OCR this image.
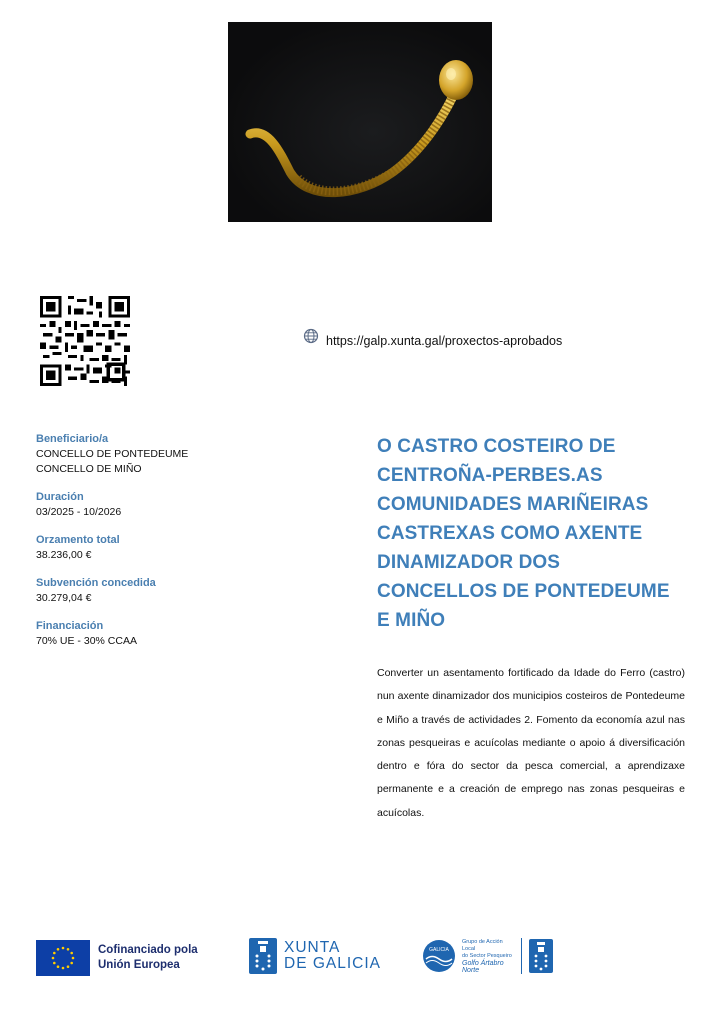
https://galp.xunta.gal/proxectos-aprobados
Beneficiario/a
CONCELLO DE PONTEDEUME
CONCELLO DE MIÑO
Duración
03/2025 - 10/2026
Orzamento total
38.236,00 €
Subvención concedida
30.279,04 €
Financiación
70% UE - 30% CCAA
O CASTRO COSTEIRO DE
CENTROÑA-PERBES.AS
COMUNIDADES MARIÑEIRAS
CASTREXAS COMO AXENTE
DINAMIZADOR DOS
CONCELLOS DE PONTEDEUME
E MIÑO
Converter un asentamento fortificado da Idade do Ferro (castro) nun axente dinamizador dos municipios costeiros de Pontedeume e Miño a través de actividades 2. Fomento da economía azul nas zonas pesqueiras e acuícolas mediante o apoio á diversificación dentro e fóra do sector da pesca comercial, a aprendizaxe permanente e a creación de emprego nas zonas pesqueiras e acuícolas.
Cofinanciado pola
Unión Europea
XUNTA
DE GALICIA
GALICIA
Grupo de Acción Local
do Sector Pesqueiro
Golfo Ártabro Norte
